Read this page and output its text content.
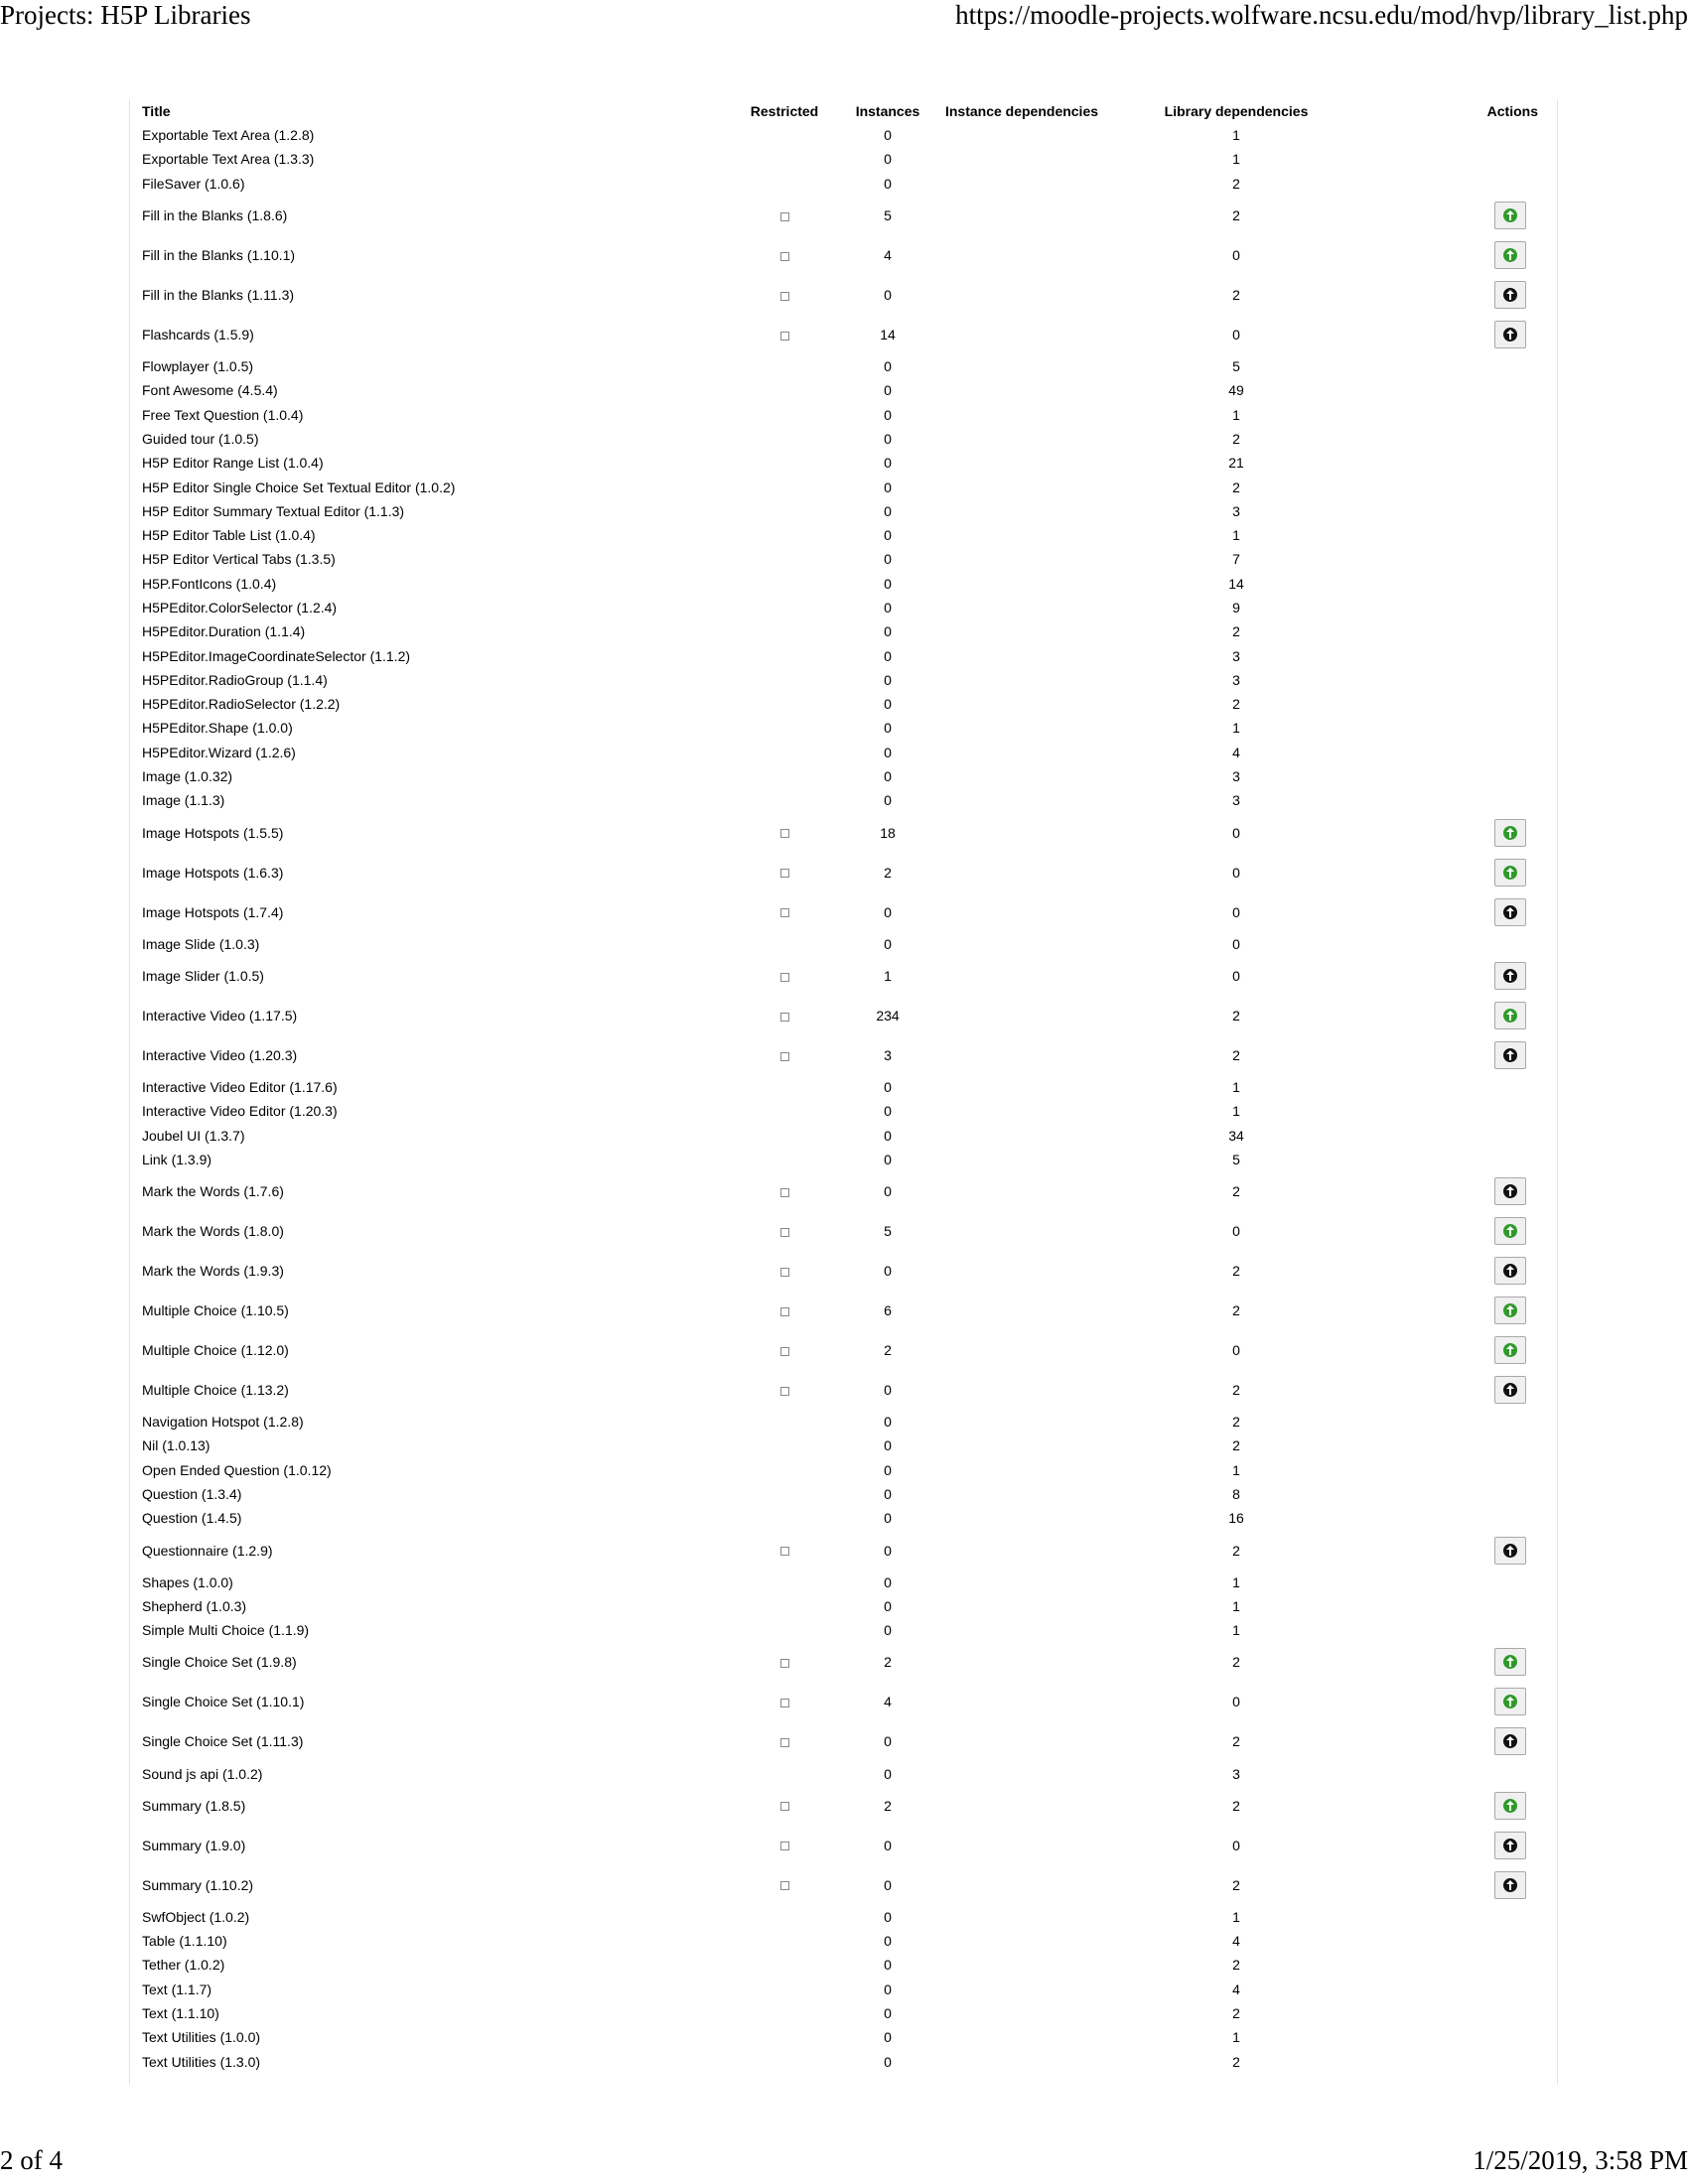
Projects: H5P Libraries	https://moodle-projects.wolfware.ncsu.edu/mod/hvp/library_list.php
Title	Restricted	Instances	Instance dependencies	Library dependencies	Actions
Exportable Text Area (1.2.8)		0		1	
Exportable Text Area (1.3.3)		0		1	
FileSaver (1.0.6)		0		2	
Fill in the Blanks (1.8.6)		5		2	

Fill in the Blanks (1.10.1)		4		0	

Fill in the Blanks (1.11.3)		0		2	

Flashcards (1.5.9)		14		0	

Flowplayer (1.0.5)		0		5	
Font Awesome (4.5.4)		0		49	
Free Text Question (1.0.4)		0		1	
Guided tour (1.0.5)		0		2	
H5P Editor Range List (1.0.4)		0		21	
H5P Editor Single Choice Set Textual Editor (1.0.2)		0		2	
H5P Editor Summary Textual Editor (1.1.3)		0		3	
H5P Editor Table List (1.0.4)		0		1	
H5P Editor Vertical Tabs (1.3.5)		0		7	
H5P.FontIcons (1.0.4)		0		14	
H5PEditor.ColorSelector (1.2.4)		0		9	
H5PEditor.Duration (1.1.4)		0		2	
H5PEditor.ImageCoordinateSelector (1.1.2)		0		3	
H5PEditor.RadioGroup (1.1.4)		0		3	
H5PEditor.RadioSelector (1.2.2)		0		2	
H5PEditor.Shape (1.0.0)		0		1	
H5PEditor.Wizard (1.2.6)		0		4	
Image (1.0.32)		0		3	
Image (1.1.3)		0		3	
Image Hotspots (1.5.5)		18		0	

Image Hotspots (1.6.3)		2		0	

Image Hotspots (1.7.4)		0		0	

Image Slide (1.0.3)		0		0	
Image Slider (1.0.5)		1		0	

Interactive Video (1.17.5)		234		2	

Interactive Video (1.20.3)		3		2	

Interactive Video Editor (1.17.6)		0		1	
Interactive Video Editor (1.20.3)		0		1	
Joubel UI (1.3.7)		0		34	
Link (1.3.9)		0		5	
Mark the Words (1.7.6)		0		2	

Mark the Words (1.8.0)		5		0	

Mark the Words (1.9.3)		0		2	

Multiple Choice (1.10.5)		6		2	

Multiple Choice (1.12.0)		2		0	

Multiple Choice (1.13.2)		0		2	

Navigation Hotspot (1.2.8)		0		2	
Nil (1.0.13)		0		2	
Open Ended Question (1.0.12)		0		1	
Question (1.3.4)		0		8	
Question (1.4.5)		0		16	
Questionnaire (1.2.9)		0		2	

Shapes (1.0.0)		0		1	
Shepherd (1.0.3)		0		1	
Simple Multi Choice (1.1.9)		0		1	
Single Choice Set (1.9.8)		2		2	

Single Choice Set (1.10.1)		4		0	

Single Choice Set (1.11.3)		0		2	

Sound js api (1.0.2)		0		3	
Summary (1.8.5)		2		2	

Summary (1.9.0)		0		0	

Summary (1.10.2)		0		2	

SwfObject (1.0.2)		0		1	
Table (1.1.10)		0		4	
Tether (1.0.2)		0		2	
Text (1.1.7)		0		4	
Text (1.1.10)		0		2	
Text Utilities (1.0.0)		0		1	
Text Utilities (1.3.0)		0		2	
2 of 4	1/25/2019, 3:58 PM
